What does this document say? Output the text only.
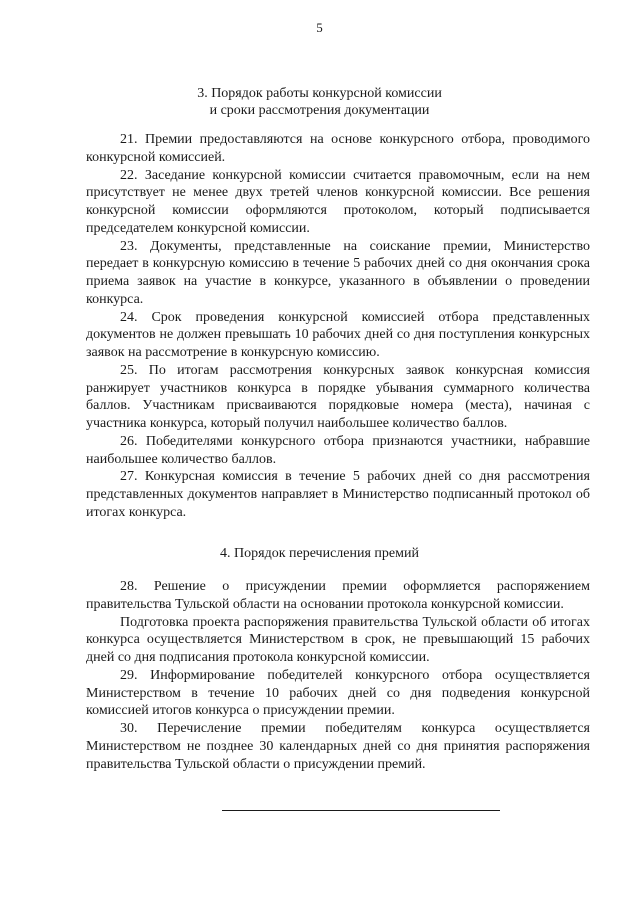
5
3. Порядок работы конкурсной комиссии
и сроки рассмотрения документации

21. Премии предоставляются на основе конкурсного отбора, проводимого конкурсной комиссией.

22. Заседание конкурсной комиссии считается правомочным, если на нем присутствует не менее двух третей членов конкурсной комиссии. Все решения конкурсной комиссии оформляются протоколом, который подписывается председателем конкурсной комиссии.

23. Документы, представленные на соискание премии, Министерство передает в конкурсную комиссию в течение 5 рабочих дней со дня окончания срока приема заявок на участие в конкурсе, указанного в объявлении о проведении конкурса.

24. Срок проведения конкурсной комиссией отбора представленных документов не должен превышать 10 рабочих дней со дня поступления конкурсных заявок на рассмотрение в конкурсную комиссию.

25. По итогам рассмотрения конкурсных заявок конкурсная комиссия ранжирует участников конкурса в порядке убывания суммарного количества баллов. Участникам присваиваются порядковые номера (места), начиная с участника конкурса, который получил наибольшее количество баллов.

26. Победителями конкурсного отбора признаются участники, набравшие наибольшее количество баллов.

27. Конкурсная комиссия в течение 5 рабочих дней со дня рассмотрения представленных документов направляет в Министерство подписанный протокол об итогах конкурса.

4. Порядок перечисления премий

28. Решение о присуждении премии оформляется распоряжением правительства Тульской области на основании протокола конкурсной комиссии.

Подготовка проекта распоряжения правительства Тульской области об итогах конкурса осуществляется Министерством в срок, не превышающий 15 рабочих дней со дня подписания протокола конкурсной комиссии.

29. Информирование победителей конкурсного отбора осуществляется Министерством в течение 10 рабочих дней со дня подведения конкурсной комиссией итогов конкурса о присуждении премии.

30. Перечисление премии победителям конкурса осуществляется Министерством не позднее 30 календарных дней со дня принятия распоряжения правительства Тульской области о присуждении премий.
